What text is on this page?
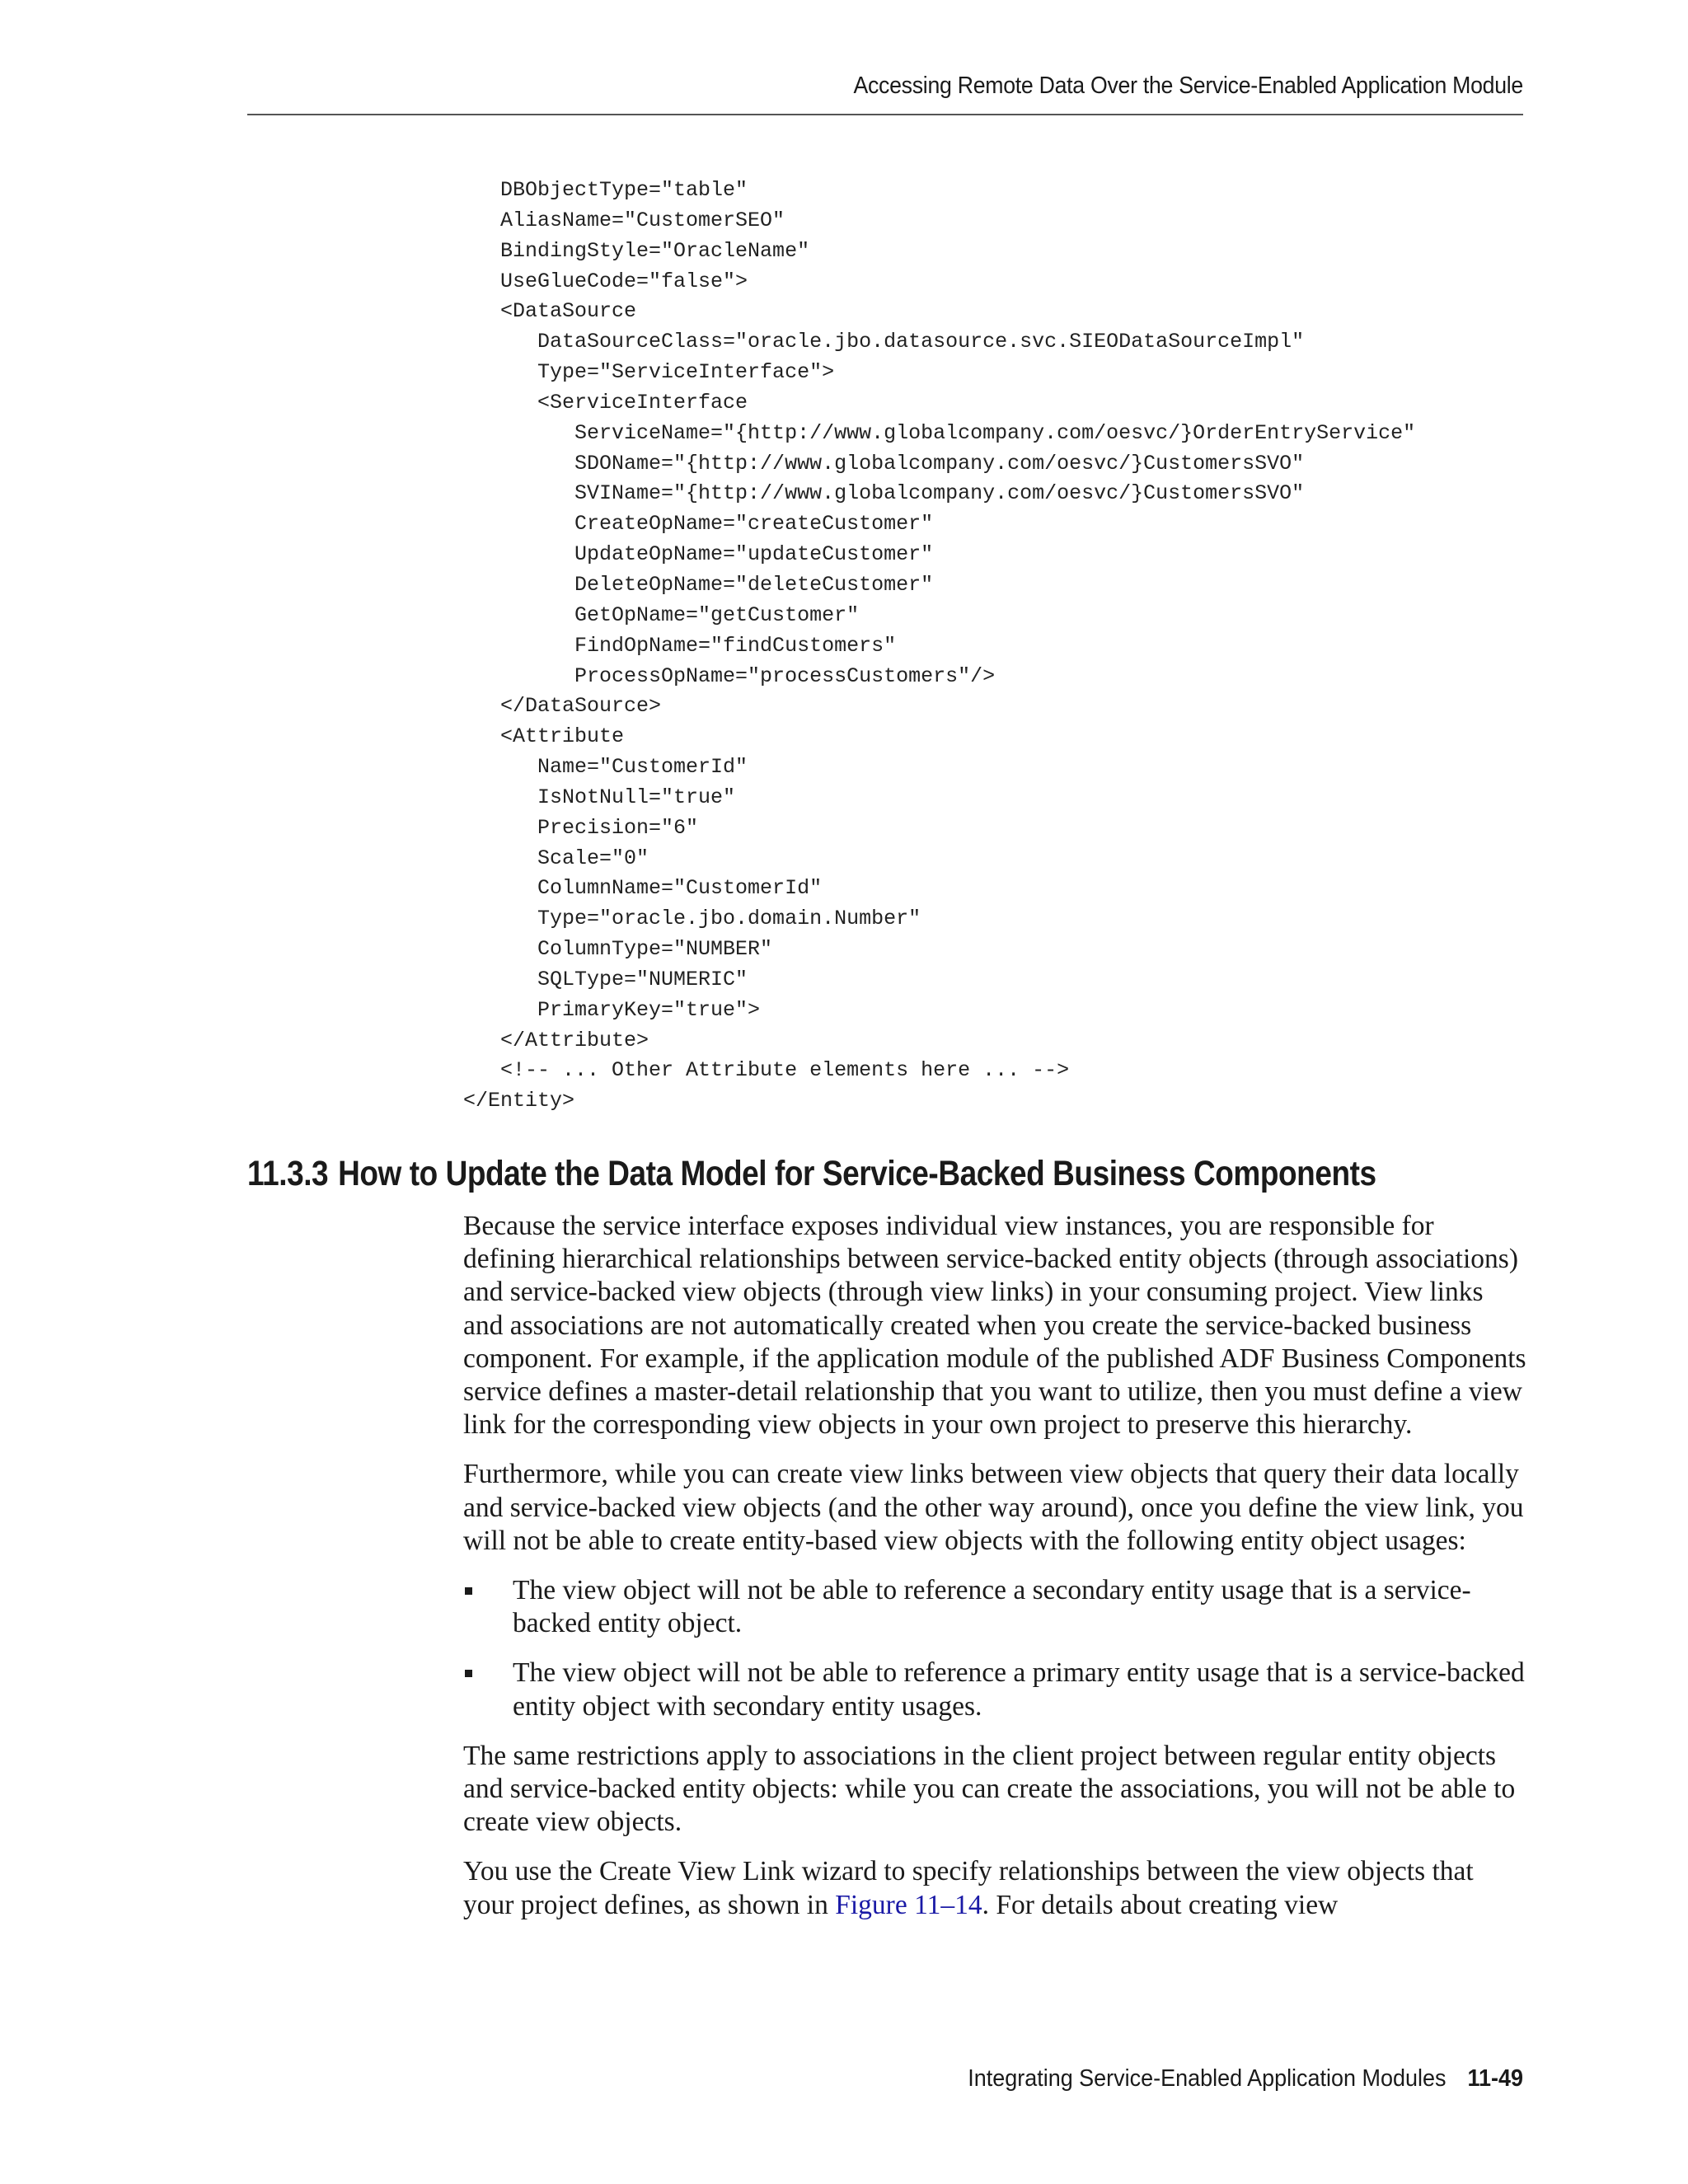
Accessing Remote Data Over the Service-Enabled Application Module
DBObjectType="table"
AliasName="CustomerSEO"
BindingStyle="OracleName"
UseGlueCode="false">
<DataSource
DataSourceClass="oracle.jbo.datasource.svc.SIEODataSourceImpl"
Type="ServiceInterface">
<ServiceInterface
ServiceName="{http://www.globalcompany.com/oesvc/}OrderEntryService"
SDOName="{http://www.globalcompany.com/oesvc/}CustomersSVO"
SVIName="{http://www.globalcompany.com/oesvc/}CustomersSVO"
CreateOpName="createCustomer"
UpdateOpName="updateCustomer"
DeleteOpName="deleteCustomer"
GetOpName="getCustomer"
FindOpName="findCustomers"
ProcessOpName="processCustomers"/>
</DataSource>
<Attribute
Name="CustomerId"
IsNotNull="true"
Precision="6"
Scale="0"
ColumnName="CustomerId"
Type="oracle.jbo.domain.Number"
ColumnType="NUMBER"
SQLType="NUMERIC"
PrimaryKey="true">
</Attribute>
<!-- ... Other Attribute elements here ... -->
</Entity>
11.3.3 How to Update the Data Model for Service-Backed Business Components

Because the service interface exposes individual view instances, you are responsible for defining hierarchical relationships between service-backed entity objects (through associations) and service-backed view objects (through view links) in your consuming project. View links and associations are not automatically created when you create the service-backed business component. For example, if the application module of the published ADF Business Components service defines a master-detail relationship that you want to utilize, then you must define a view link for the corresponding view objects in your own project to preserve this hierarchy.

Furthermore, while you can create view links between view objects that query their data locally and service-backed view objects (and the other way around), once you define the view link, you will not be able to create entity-based view objects with the following entity object usages:

The view object will not be able to reference a secondary entity usage that is a service-backed entity object.
The view object will not be able to reference a primary entity usage that is a service-backed entity object with secondary entity usages.

The same restrictions apply to associations in the client project between regular entity objects and service-backed entity objects: while you can create the associations, you will not be able to create view objects.

You use the Create View Link wizard to specify relationships between the view objects that your project defines, as shown in Figure 11–14. For details about creating view

Integrating Service-Enabled Application Modules 11-49
